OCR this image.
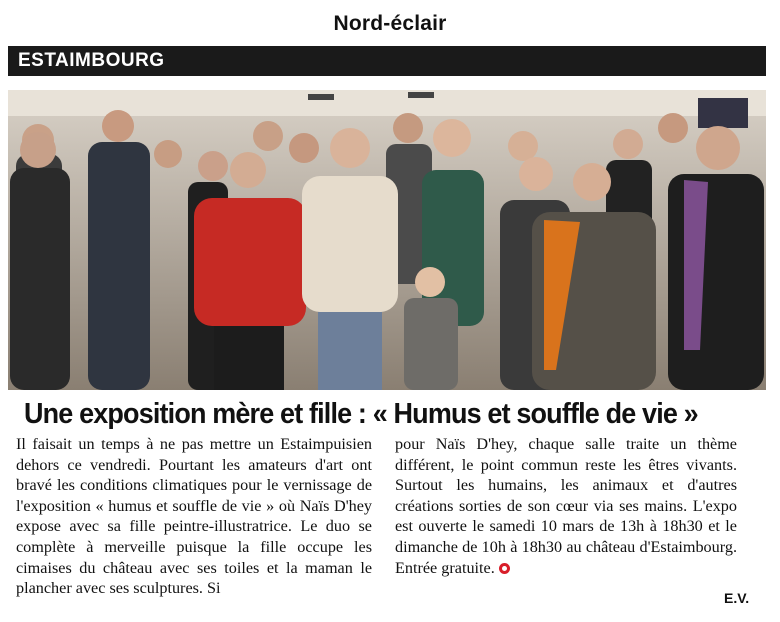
Nord-éclair
ESTAIMBOURG
Une exposition mère et fille : « Humus et souffle de vie »
Il faisait un temps à ne pas mettre un Estaimpuisien dehors ce vendredi. Pourtant les amateurs d'art ont bravé les conditions climatiques pour le vernissage de l'exposition « humus et souffle de vie » où Naïs D'hey expose avec sa fille peintre-illustratrice. Le duo se complète à merveille puisque la fille occupe les cimaises du château avec ses toiles et la maman le plancher avec ses sculptures. Si
pour Naïs D'hey, chaque salle traite un thème différent, le point commun reste les êtres vivants. Surtout les humains, les animaux et d'autres créations sorties de son cœur via ses mains. L'expo est ouverte le samedi 10 mars de 13h à 18h30 et le dimanche de 10h à 18h30 au château d'Estaimbourg. Entrée gratuite.
E.V.
